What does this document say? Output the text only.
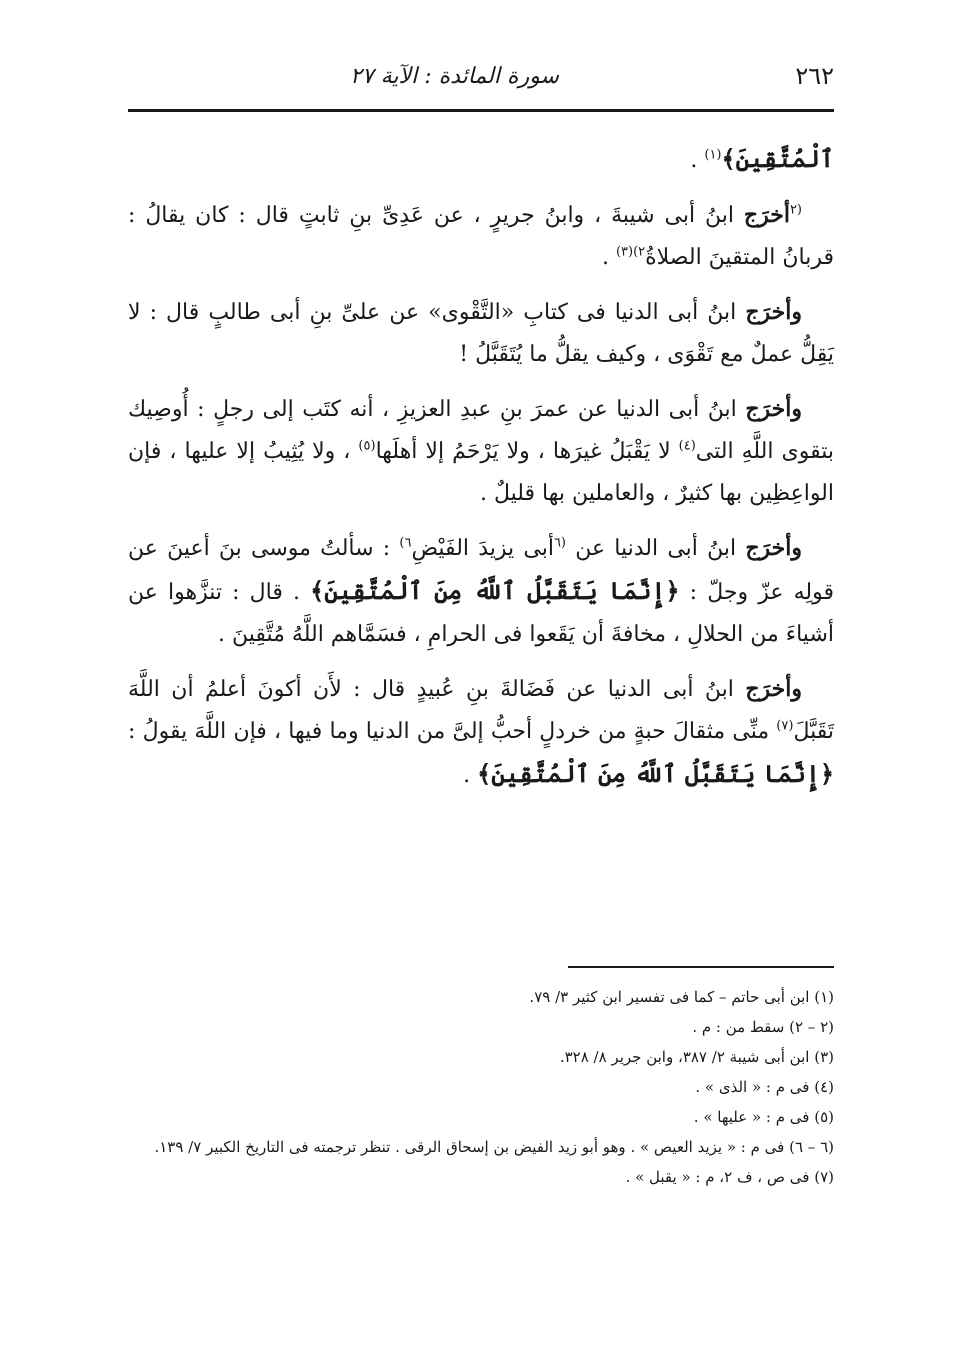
٢٦٢
سورة المائدة : الآية ٢٧

ٱلْمُتَّقِينَ﴾$^{(١)}$ .

$^{(٢}$أخرَج ابنُ أبى شيبةَ ، وابنُ جريرٍ ، عن عَدِىِّ بنِ ثابتٍ قال : كان يقالُ : قربانُ المتقينَ الصلاةُ$^{٢)(٣)}$ .

وأخرَج ابنُ أبى الدنيا فى كتابِ «التَّقْوى» عن علىِّ بنِ أبى طالبٍ قال : لا يَقِلُّ عملٌ مع تَقْوَى ، وكيف يقلُّ ما يُتَقَبَّلُ !

وأخرَج ابنُ أبى الدنيا عن عمرَ بنِ عبدِ العزيزِ ، أنه كتَب إلى رجلٍ : أُوصِيك بتقوى اللَّهِ التى$^{(٤)}$ لا يَقْبَلُ غيرَها ، ولا يَرْحَمُ إلا أهلَها$^{(٥)}$ ، ولا يُثِيبُ إلا عليها ، فإن الواعِظِين بها كثيرٌ ، والعاملين بها قليلٌ .

وأخرَج ابنُ أبى الدنيا عن $^{(٦}$أبى يزيدَ الفَيْضِ$^{٦)}$ : سألتُ موسى بنَ أعينَ عن قولِه عزّ وجلّ : ﴿إِنَّمَا يَتَقَبَّلُ ٱللَّهُ مِنَ ٱلْمُتَّقِينَ﴾ . قال : تنزَّهوا عن أشياءَ من الحلالِ ، مخافةَ أن يَقَعوا فى الحرامِ ، فسَمَّاهم اللَّهُ مُتَّقِينَ .

وأخرَج ابنُ أبى الدنيا عن فَضَالةَ بنِ عُبيدٍ قال : لأَن أكونَ أعلمُ أن اللَّهَ تَقَبَّلَ$^{(٧)}$ منِّى مثقالَ حبةٍ من خردلٍ أحبُّ إلىَّ من الدنيا وما فيها ، فإن اللَّهَ يقولُ : ﴿إِنَّمَا يَتَقَبَّلُ ٱللَّهُ مِنَ ٱلْمُتَّقِينَ﴾ .

(١) ابن أبى حاتم – كما فى تفسير ابن كثير ٣/ ٧٩.
(٢ – ٢) سقط من : م .
(٣) ابن أبى شيبة ٢/ ٣٨٧، وابن جرير ٨/ ٣٢٨.
(٤) فى م : « الذى » .
(٥) فى م : « عليها » .
(٦ – ٦) فى م : « يزيد العيص » . وهو أبو زيد الفيض بن إسحاق الرقى . تنظر ترجمته فى التاريخ الكبير ٧/ ١٣٩.
(٧) فى ص ، ف ٢، م : « يقبل » .
